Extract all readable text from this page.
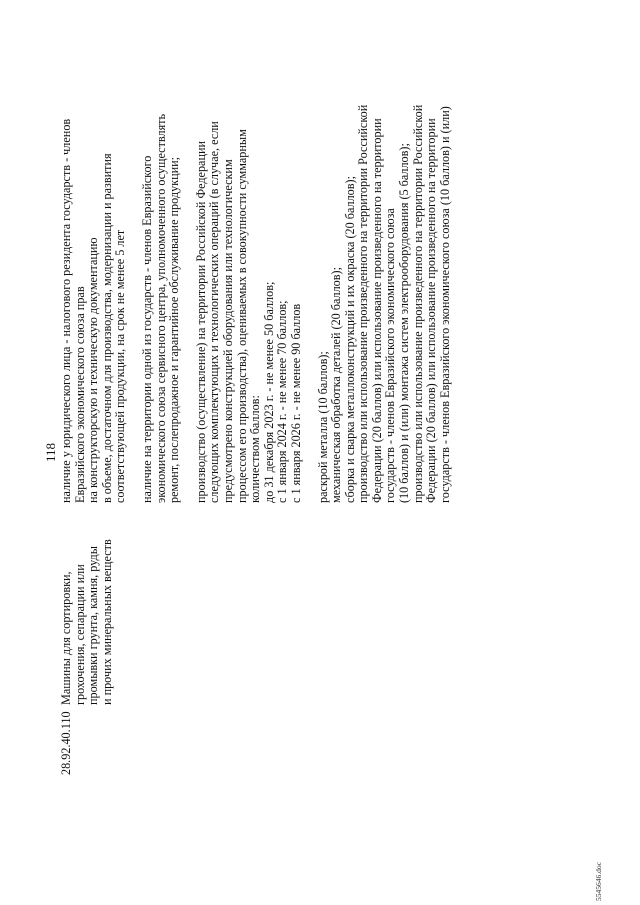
118
28.92.40.110
Машины для сортировки, грохочения, сепарации или промывки грунта, камня, руды и прочих минеральных веществ
наличие у юридического лица - налогового резидента государств - членов Евразийского экономического союза прав на конструкторскую и техническую документацию в объеме, достаточном для производства, модернизации и развития соответствующей продукции, на срок не менее 5 лет наличие на территории одной из государств - членов Евразийского экономического союза сервисного центра, уполномоченного осуществлять ремонт, послепродажное и гарантийное обслуживание продукции; производство (осуществление) на территории Российской Федерации следующих комплектующих и технологических операций (в случае, если предусмотрено конструкцией оборудования или технологическим процессом его производства), оцениваемых в совокупности суммарным количеством баллов: до 31 декабря 2023 г. - не менее 50 баллов; с 1 января 2024 г. - не менее 70 баллов; с 1 января 2026 г. - не менее 90 баллов раскрой металла (10 баллов); механическая обработка деталей (20 баллов); сборка и сварка металлоконструкций и их окраска (20 баллов); производство или использование произведенного на территории Российской Федерации (20 баллов) или использование произведенного на территории государств - членов Евразийского экономического союза (10 баллов) и (или) монтажа систем электрооборудования (5 баллов); производство или использование произведенного на территории Российской Федерации (20 баллов) или использование произведенного на территории государств - членов Евразийского экономического союза (10 баллов) и (или)
5545646.doc
